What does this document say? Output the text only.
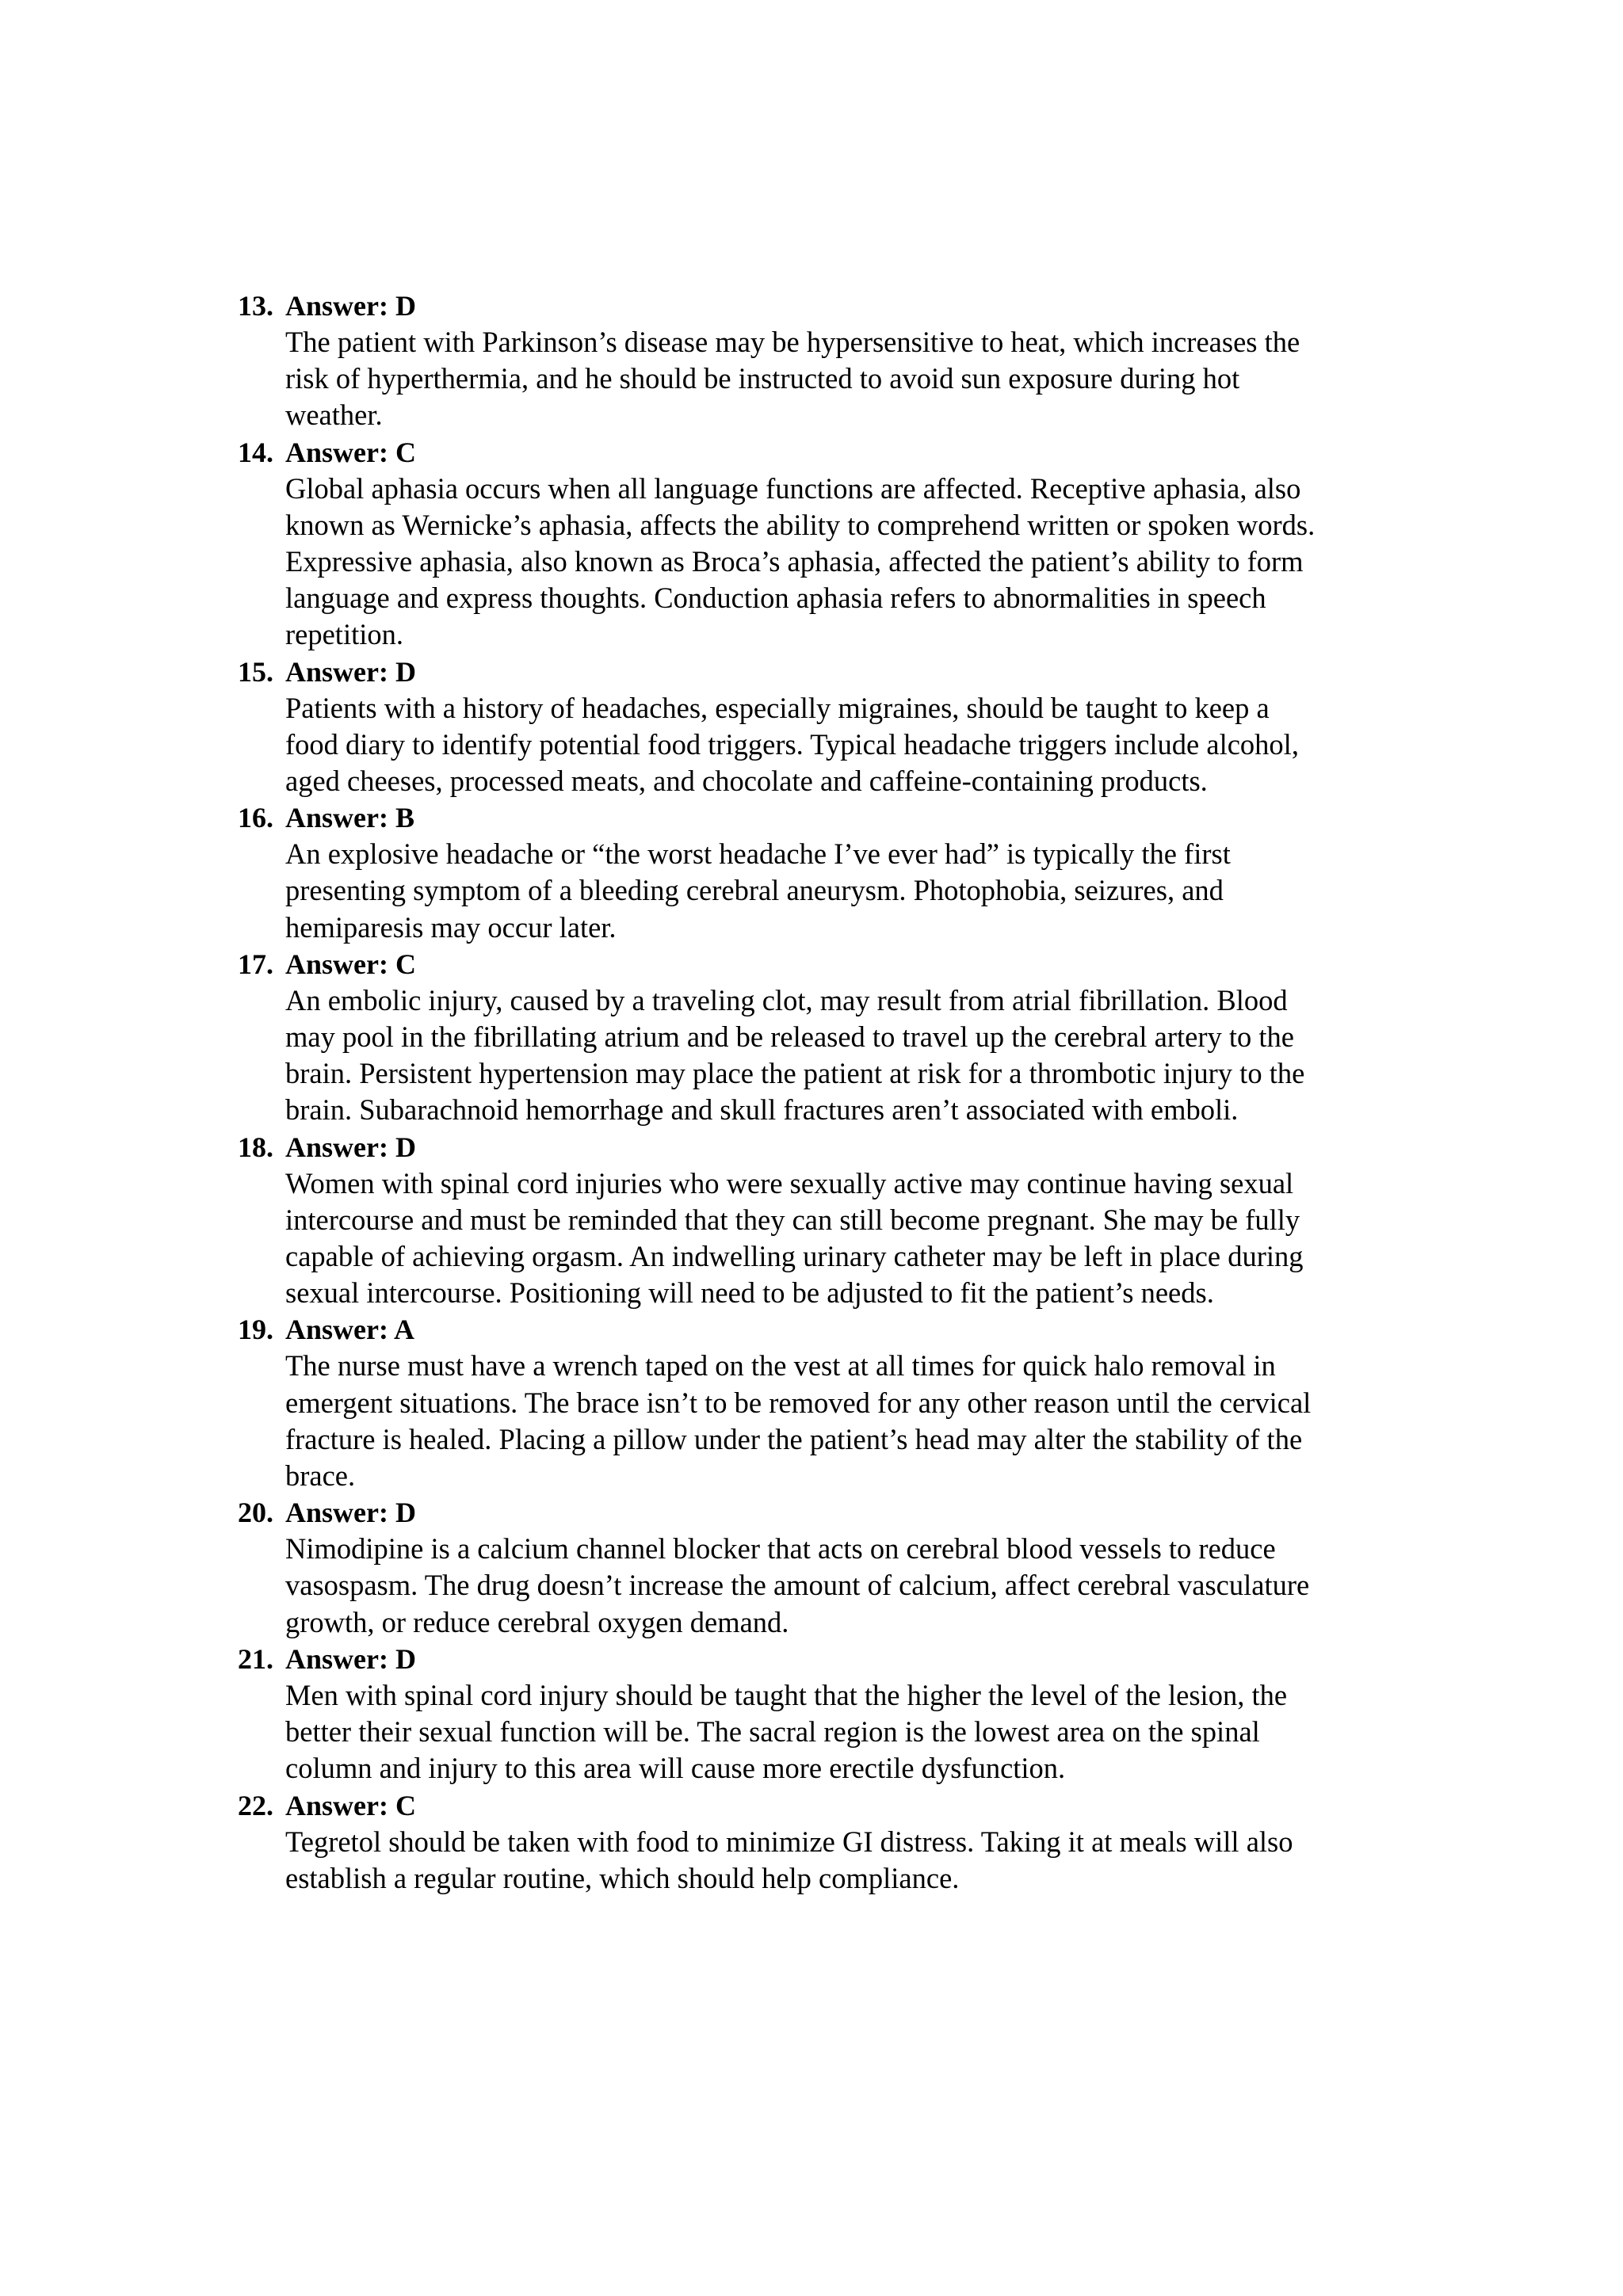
13. Answer: D
The patient with Parkinson’s disease may be hypersensitive to heat, which increases the
risk of hyperthermia, and he should be instructed to avoid sun exposure during hot
weather.
14. Answer: C
Global aphasia occurs when all language functions are affected. Receptive aphasia, also
known as Wernicke’s aphasia, affects the ability to comprehend written or spoken words.
Expressive aphasia, also known as Broca’s aphasia, affected the patient’s ability to form
language and express thoughts. Conduction aphasia refers to abnormalities in speech
repetition.
15. Answer: D
Patients with a history of headaches, especially migraines, should be taught to keep a
food diary to identify potential food triggers. Typical headache triggers include alcohol,
aged cheeses, processed meats, and chocolate and caffeine-containing products.
16. Answer: B
An explosive headache or “the worst headache I’ve ever had” is typically the first
presenting symptom of a bleeding cerebral aneurysm. Photophobia, seizures, and
hemiparesis may occur later.
17. Answer: C
An embolic injury, caused by a traveling clot, may result from atrial fibrillation. Blood
may pool in the fibrillating atrium and be released to travel up the cerebral artery to the
brain. Persistent hypertension may place the patient at risk for a thrombotic injury to the
brain. Subarachnoid hemorrhage and skull fractures aren’t associated with emboli.
18. Answer: D
Women with spinal cord injuries who were sexually active may continue having sexual
intercourse and must be reminded that they can still become pregnant. She may be fully
capable of achieving orgasm. An indwelling urinary catheter may be left in place during
sexual intercourse. Positioning will need to be adjusted to fit the patient’s needs.
19. Answer: A
The nurse must have a wrench taped on the vest at all times for quick halo removal in
emergent situations. The brace isn’t to be removed for any other reason until the cervical
fracture is healed. Placing a pillow under the patient’s head may alter the stability of the
brace.
20. Answer: D
Nimodipine is a calcium channel blocker that acts on cerebral blood vessels to reduce
vasospasm. The drug doesn’t increase the amount of calcium, affect cerebral vasculature
growth, or reduce cerebral oxygen demand.
21. Answer: D
Men with spinal cord injury should be taught that the higher the level of the lesion, the
better their sexual function will be. The sacral region is the lowest area on the spinal
column and injury to this area will cause more erectile dysfunction.
22. Answer: C
Tegretol should be taken with food to minimize GI distress. Taking it at meals will also
establish a regular routine, which should help compliance.
